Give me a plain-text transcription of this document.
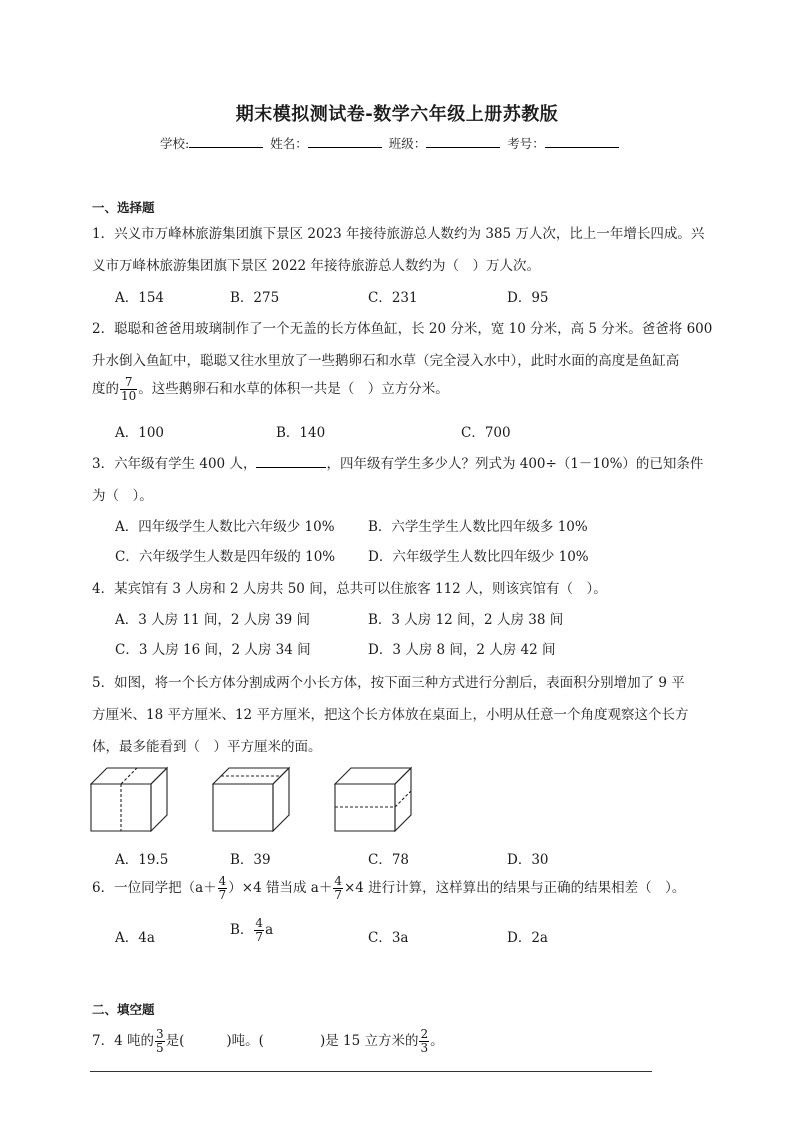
期末模拟测试卷-数学六年级上册苏教版
学校:	姓名：	班级：	考号：
一、选择题
1．兴义市万峰林旅游集团旗下景区 2023 年接待旅游总人数约为 385 万人次，比上一年增长四成。兴
义市万峰林旅游集团旗下景区 2022 年接待旅游总人数约为（　）万人次。
A．154	B．275	C．231	D．95
2．聪聪和爸爸用玻璃制作了一个无盖的长方体鱼缸，长 20 分米，宽 10 分米，高 5 分米。爸爸将 600
升水倒入鱼缸中，聪聪又往水里放了一些鹅卵石和水草（完全浸入水中），此时水面的高度是鱼缸高
度的 $\frac{7}{10}$ 。这些鹅卵石和水草的体积一共是（　）立方分米。
A．100	B．140	C．700
3．六年级有学生 400 人，	，四年级有学生多少人？列式为 400÷（1－10%）的已知条件
为（　）。
A．四年级学生人数比六年级少 10% B．六学生学生人数比四年级多 10%
C．六年级学生人数是四年级的 10% D．六年级学生人数比四年级少 10%
4．某宾馆有 3 人房和 2 人房共 50 间，总共可以住旅客 112 人，则该宾馆有（　）。
A．3 人房 11 间，2 人房 39 间	B．3 人房 12 间，2 人房 38 间
C．3 人房 16 间，2 人房 34 间	D．3 人房 8 间，2 人房 42 间
5．如图，将一个长方体分割成两个小长方体，按下面三种方式进行分割后，表面积分别增加了 9 平
方厘米、18 平方厘米、12 平方厘米，把这个长方体放在桌面上，小明从任意一个角度观察这个长方
体，最多能看到（　）平方厘米的面。
A．19.5	B．39	C．78	D．30
6．一位同学把$(a+ \frac{4}{7} )\times 4$ 错当成 $a+ \frac{4}{7} \times 4$ 进行计算，这样算出的结果与正确的结果相差（　）。
A．4a	B． $\frac{4}{7}$ a	C．3a	D．2a
二、填空题
7．4 吨的 $\frac{3}{5}$ 是(	)吨。(	)是 15 立方米的 $\frac{2}{3}$ 。
